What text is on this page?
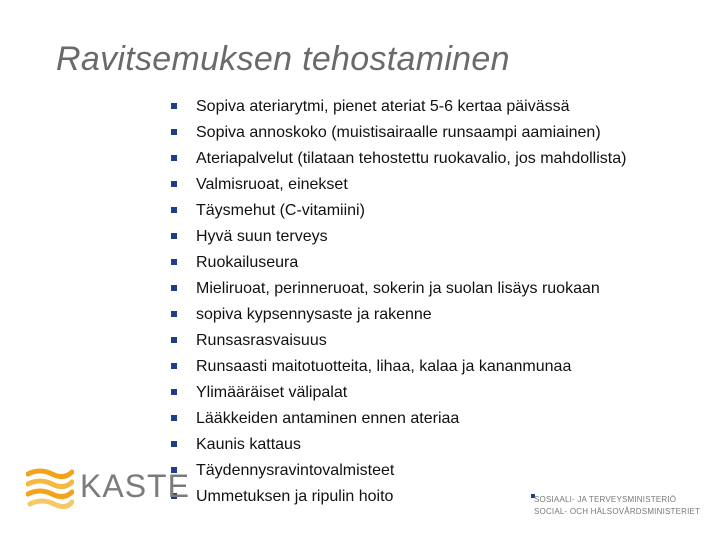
Ravitsemuksen tehostaminen
Sopiva ateriarytmi, pienet ateriat 5-6 kertaa päivässä
Sopiva annoskoko (muistisairaalle runsaampi aamiainen)
Ateriapalvelut (tilataan tehostettu ruokavalio, jos mahdollista)
Valmisruoat, einekset
Täysmehut (C-vitamiini)
Hyvä suun terveys
Ruokailuseura
Mieliruoat, perinneruoat, sokerin ja suolan lisäys ruokaan
sopiva kypsennysaste ja rakenne
Runsasrasvaisuus
Runsaasti maitotuotteita, lihaa, kalaa ja kananmunaa
Ylimääräiset välipalat
Lääkkeiden antaminen ennen ateriaa
Kaunis kattaus
Täydennysravintovalmisteet
Ummetuksen ja ripulin hoito
KASTE	SOSIAALI- JA TERVEYSMINISTERIÖ
SOCIAL- OCH HÄLSOVÅRDSMINISTERIET
